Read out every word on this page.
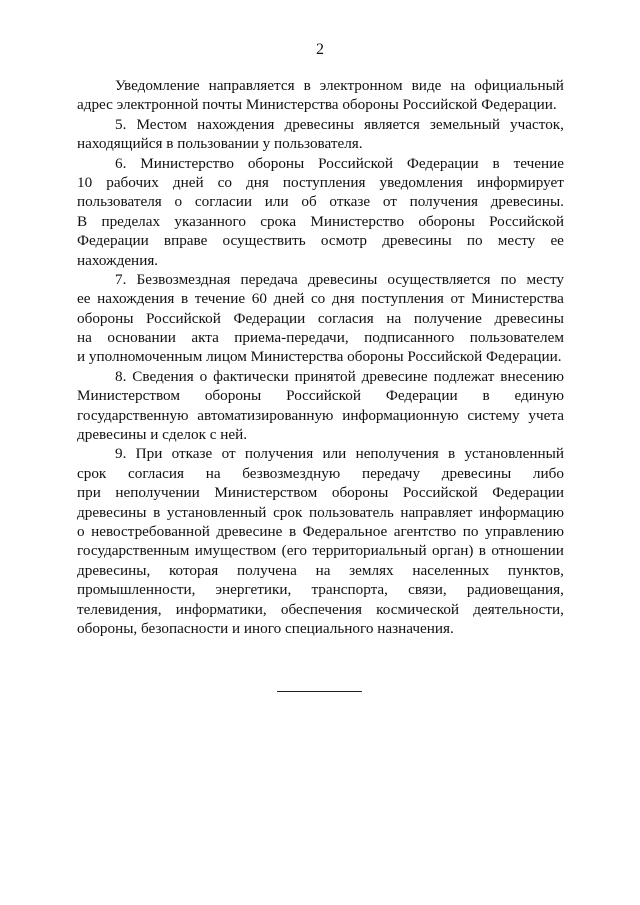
2
Уведомление направляется в электронном виде на официальный
адрес электронной почты Министерства обороны Российской Федерации.
5. Местом нахождения древесины является земельный участок,
находящийся в пользовании у пользователя.
6. Министерство обороны Российской Федерации в течение
10 рабочих дней со дня поступления уведомления информирует
пользователя о согласии или об отказе от получения древесины.
В пределах указанного срока Министерство обороны Российской
Федерации вправе осуществить осмотр древесины по месту ее
нахождения.
7. Безвозмездная передача древесины осуществляется по месту
ее нахождения в течение 60 дней со дня поступления от Министерства
обороны Российской Федерации согласия на получение древесины
на основании акта приема-передачи, подписанного пользователем
и уполномоченным лицом Министерства обороны Российской Федерации.
8. Сведения о фактически принятой древесине подлежат внесению
Министерством обороны Российской Федерации в единую
государственную автоматизированную информационную систему учета
древесины и сделок с ней.
9. При отказе от получения или неполучения в установленный
срок согласия на безвозмездную передачу древесины либо
при неполучении Министерством обороны Российской Федерации
древесины в установленный срок пользователь направляет информацию
о невостребованной древесине в Федеральное агентство по управлению
государственным имуществом (его территориальный орган) в отношении
древесины, которая получена на землях населенных пунктов,
промышленности, энергетики, транспорта, связи, радиовещания,
телевидения, информатики, обеспечения космической деятельности,
обороны, безопасности и иного специального назначения.
